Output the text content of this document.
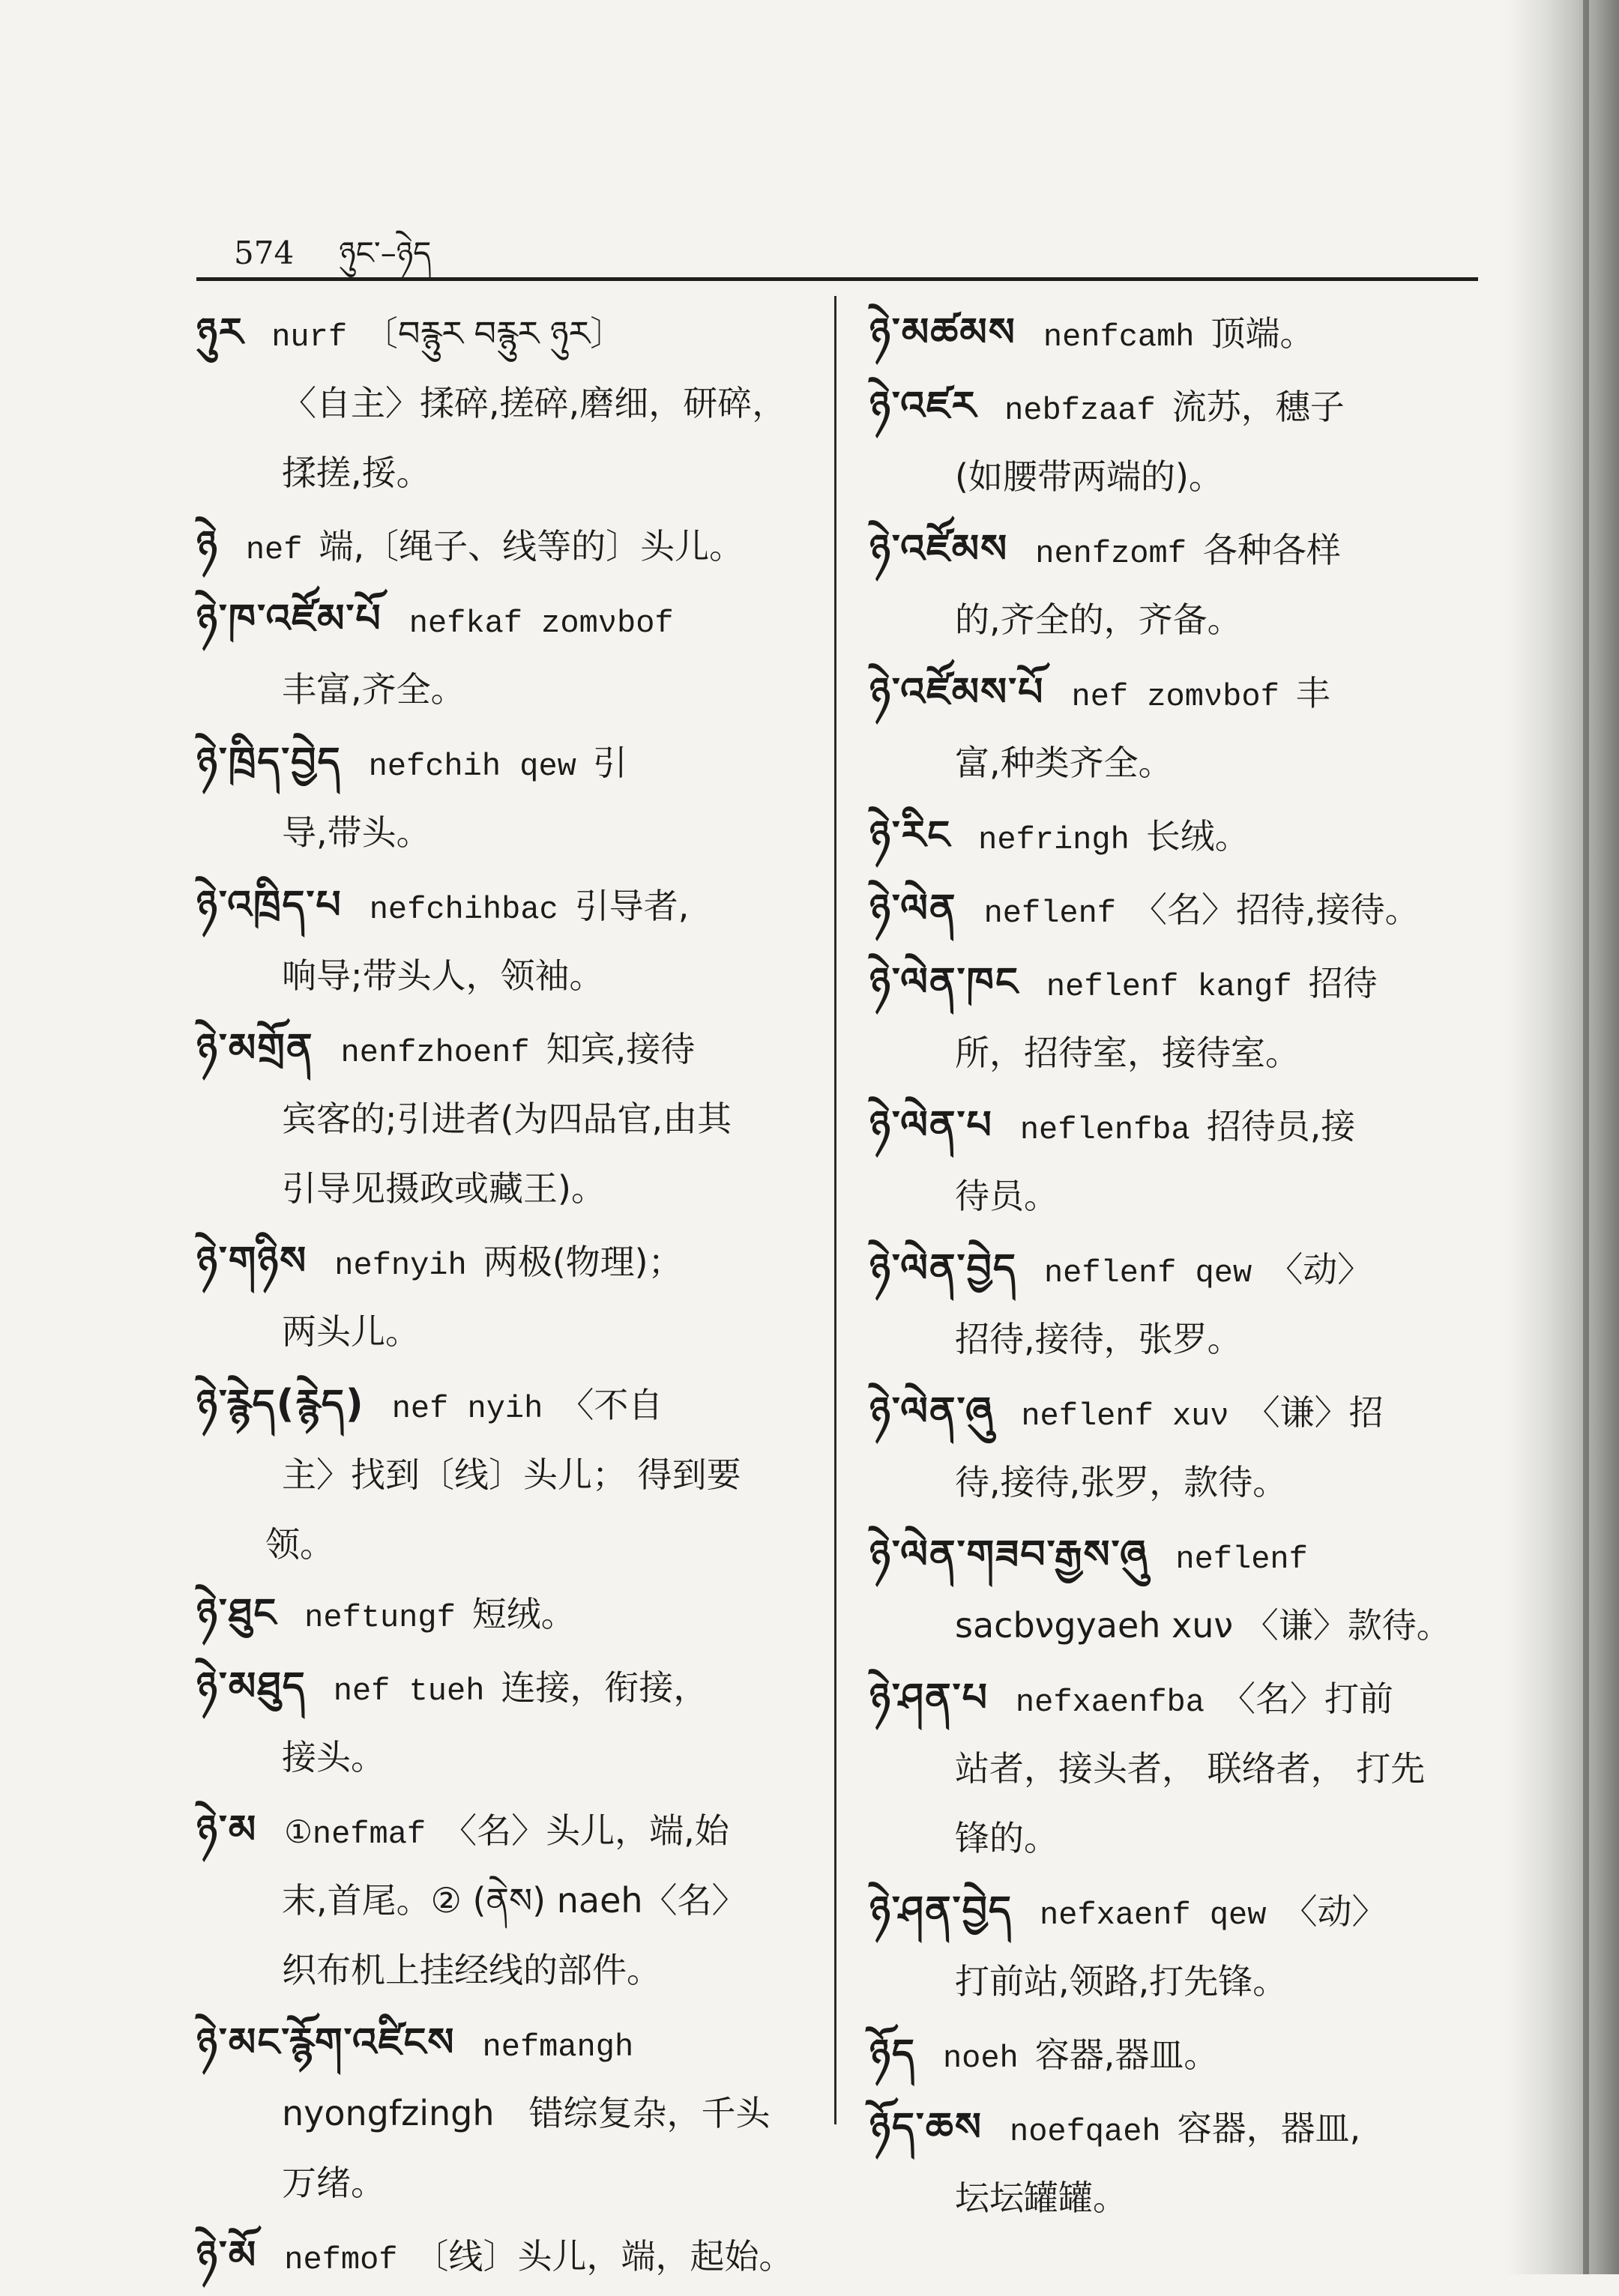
574 ཉུང་–ཉེད

ཉུར nurf 〔བརྙུར བརྙུར ཉུར〕

〈自主〉揉碎,搓碎,磨细，研碎，

揉搓,挼。

ཉེ nef 端,〔绳子、线等的〕头儿。

ཉེ་ཁ་འཛོམ་པོ nefkaf zomνbof

丰富,齐全。

ཉེ་ཁྲིད་བྱེད nefchih qew 引

导,带头。

ཉེ་འཁྲིད་པ nefchihbac 引导者,

响导;带头人，领袖。

ཉེ་མགྲོན nenfzhoenf 知宾,接待

宾客的;引进者(为四品官,由其

引导见摄政或藏王)。

ཉེ་གཉིས nefnyih 两极(物理)；

两头儿。

ཉེ་རྙེད(རྙེད) nef nyih 〈不自

主〉找到〔线〕头儿； 得到要领。

ཉེ་ཐུང neftungf 短绒。

ཉེ་མཐུད nef tueh 连接，衔接，

接头。

ཉེ་མ ①nefmaf 〈名〉头儿，端,始

末,首尾。② (ནེས) naeh〈名〉

织布机上挂经线的部件。

ཉེ་མང་རྙོག་འཛིངས nefmangh

nyongfzingh　错综复杂，千头

万绪。

ཉེ་མོ nefmof 〔线〕头儿，端，起始。

ཉེ་མཚམས nenfcamh 顶端。

ཉེ་འཛར nebfzaaf 流苏，穗子

(如腰带两端的)。

ཉེ་འཛོམས nenfzomf 各种各样

的,齐全的，齐备。

ཉེ་འཛོམས་པོ nef zomνbof 丰

富,种类齐全。

ཉེ་རིང nefringh 长绒。

ཉེ་ལེན neflenf 〈名〉招待,接待。

ཉེ་ལེན་ཁང neflenf kangf 招待

所，招待室，接待室。

ཉེ་ལེན་པ neflenfba 招待员,接

待员。

ཉེ་ལེན་བྱེད neflenf qew 〈动〉

招待,接待，张罗。

ཉེ་ལེན་ཞུ neflenf xuν 〈谦〉招

待,接待,张罗，款待。

ཉེ་ལེན་གཟབ་རྒྱས་ཞུ neflenf

sacbνgyaeh xuν 〈谦〉款待。

ཉེ་ཤན་པ nefxaenfba 〈名〉打前

站者，接头者， 联络者， 打先

锋的。

ཉེ་ཤན་བྱེད nefxaenf qew 〈动〉

打前站,领路,打先锋。

ཉོད noeh 容器,器皿。

ཉོད་ཆས noefqaeh 容器，器皿,

坛坛罐罐。
